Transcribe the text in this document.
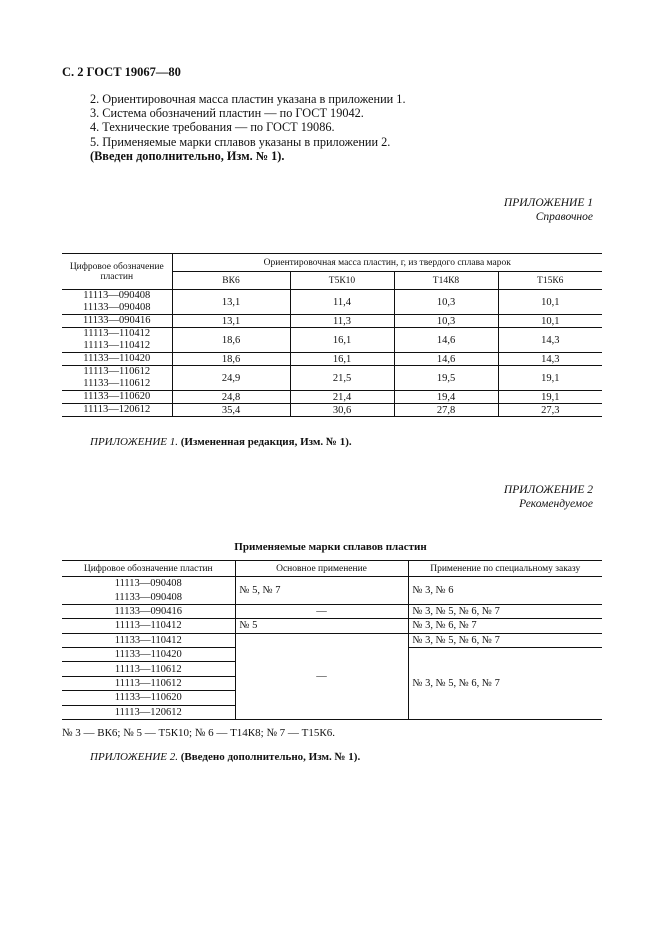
С. 2 ГОСТ 19067—80
2. Ориентировочная масса пластин указана в приложении 1.
3. Система обозначений пластин — по ГОСТ 19042.
4. Технические требования — по ГОСТ 19086.
5. Применяемые марки сплавов указаны в приложении 2.
(Введен дополнительно, Изм. № 1).
ПРИЛОЖЕНИЕ 1
Справочное
Цифровое обозначение пластин	Ориентировочная масса пластин, г, из твердого сплава марок			
	ВК6	Т5К10	Т14К8	Т15К6

11113—090408
11133—090408	13,1	11,4	10,3	10,1

11133—090416	13,1	11,3	10,3	10,1

11113—110412
11113—110412	18,6	16,1	14,6	14,3

11133—110420	18,6	16,1	14,6	14,3

11113—110612
11133—110612	24,9	21,5	19,5	19,1

11133—110620	24,8	21,4	19,4	19,1

11113—120612	35,4	30,6	27,8	27,3
ПРИЛОЖЕНИЕ 1. (Измененная редакция, Изм. № 1).
ПРИЛОЖЕНИЕ 2
Рекомендуемое
Применяемые марки сплавов пластин
Цифровое обозначение пластин	Основное применение	Применение по специальному заказу
11113—090408	№ 5, № 7	№ 3, № 6
11133—090408		
11133—090416	—	№ 3, № 5, № 6, № 7
11113—110412	№ 5	№ 3, № 6, № 7
11133—110412	—	№ 3, № 5, № 6, № 7
11133—110420		№ 3, № 5, № 6, № 7
11113—110612		
11113—110612		
11133—110620		
11113—120612		

№ 3 — ВК6; № 5 — Т5К10; № 6 — Т14К8; № 7 — Т15К6.
ПРИЛОЖЕНИЕ 2. (Введено дополнительно, Изм. № 1).
